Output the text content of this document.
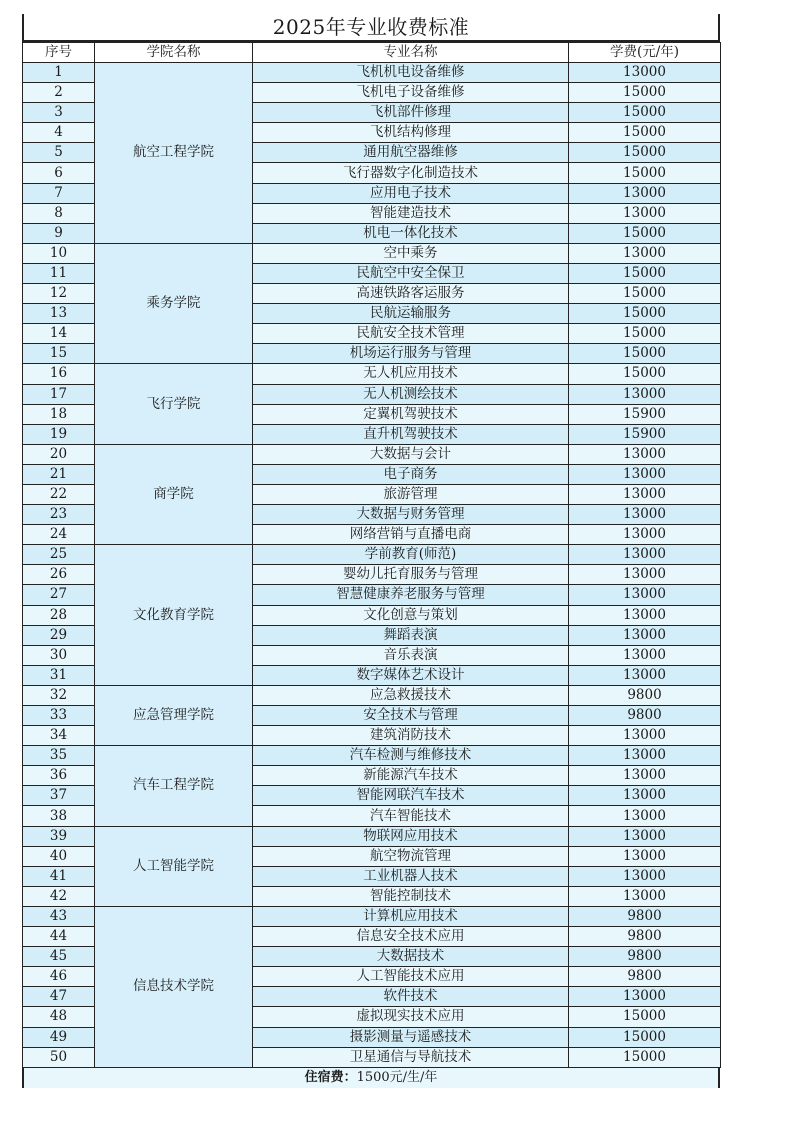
2025年专业收费标准
序号	学院名称	专业名称	学费(元/年)
1	航空工程学院	飞机机电设备维修	13000
2		飞机电子设备维修	15000
3		飞机部件修理	15000
4		飞机结构修理	15000
5		通用航空器维修	15000
6		飞行器数字化制造技术	15000
7		应用电子技术	13000
8		智能建造技术	13000
9		机电一体化技术	15000
10	乘务学院	空中乘务	13000
11		民航空中安全保卫	15000
12		高速铁路客运服务	15000
13		民航运输服务	15000
14		民航安全技术管理	15000
15		机场运行服务与管理	15000
16	飞行学院	无人机应用技术	15000
17		无人机测绘技术	13000
18		定翼机驾驶技术	15900
19		直升机驾驶技术	15900
20	商学院	大数据与会计	13000
21		电子商务	13000
22		旅游管理	13000
23		大数据与财务管理	13000
24		网络营销与直播电商	13000
25	文化教育学院	学前教育(师范)	13000
26		婴幼儿托育服务与管理	13000
27		智慧健康养老服务与管理	13000
28		文化创意与策划	13000
29		舞蹈表演	13000
30		音乐表演	13000
31		数字媒体艺术设计	13000
32	应急管理学院	应急救援技术	9800
33		安全技术与管理	9800
34		建筑消防技术	13000
35	汽车工程学院	汽车检测与维修技术	13000
36		新能源汽车技术	13000
37		智能网联汽车技术	13000
38		汽车智能技术	13000
39	人工智能学院	物联网应用技术	13000
40		航空物流管理	13000
41		工业机器人技术	13000
42		智能控制技术	13000
43	信息技术学院	计算机应用技术	9800
44		信息安全技术应用	9800
45		大数据技术	9800
46		人工智能技术应用	9800
47		软件技术	13000
48		虚拟现实技术应用	15000
49		摄影测量与遥感技术	15000
50		卫星通信与导航技术	15000
住宿费：1500元/生/年
